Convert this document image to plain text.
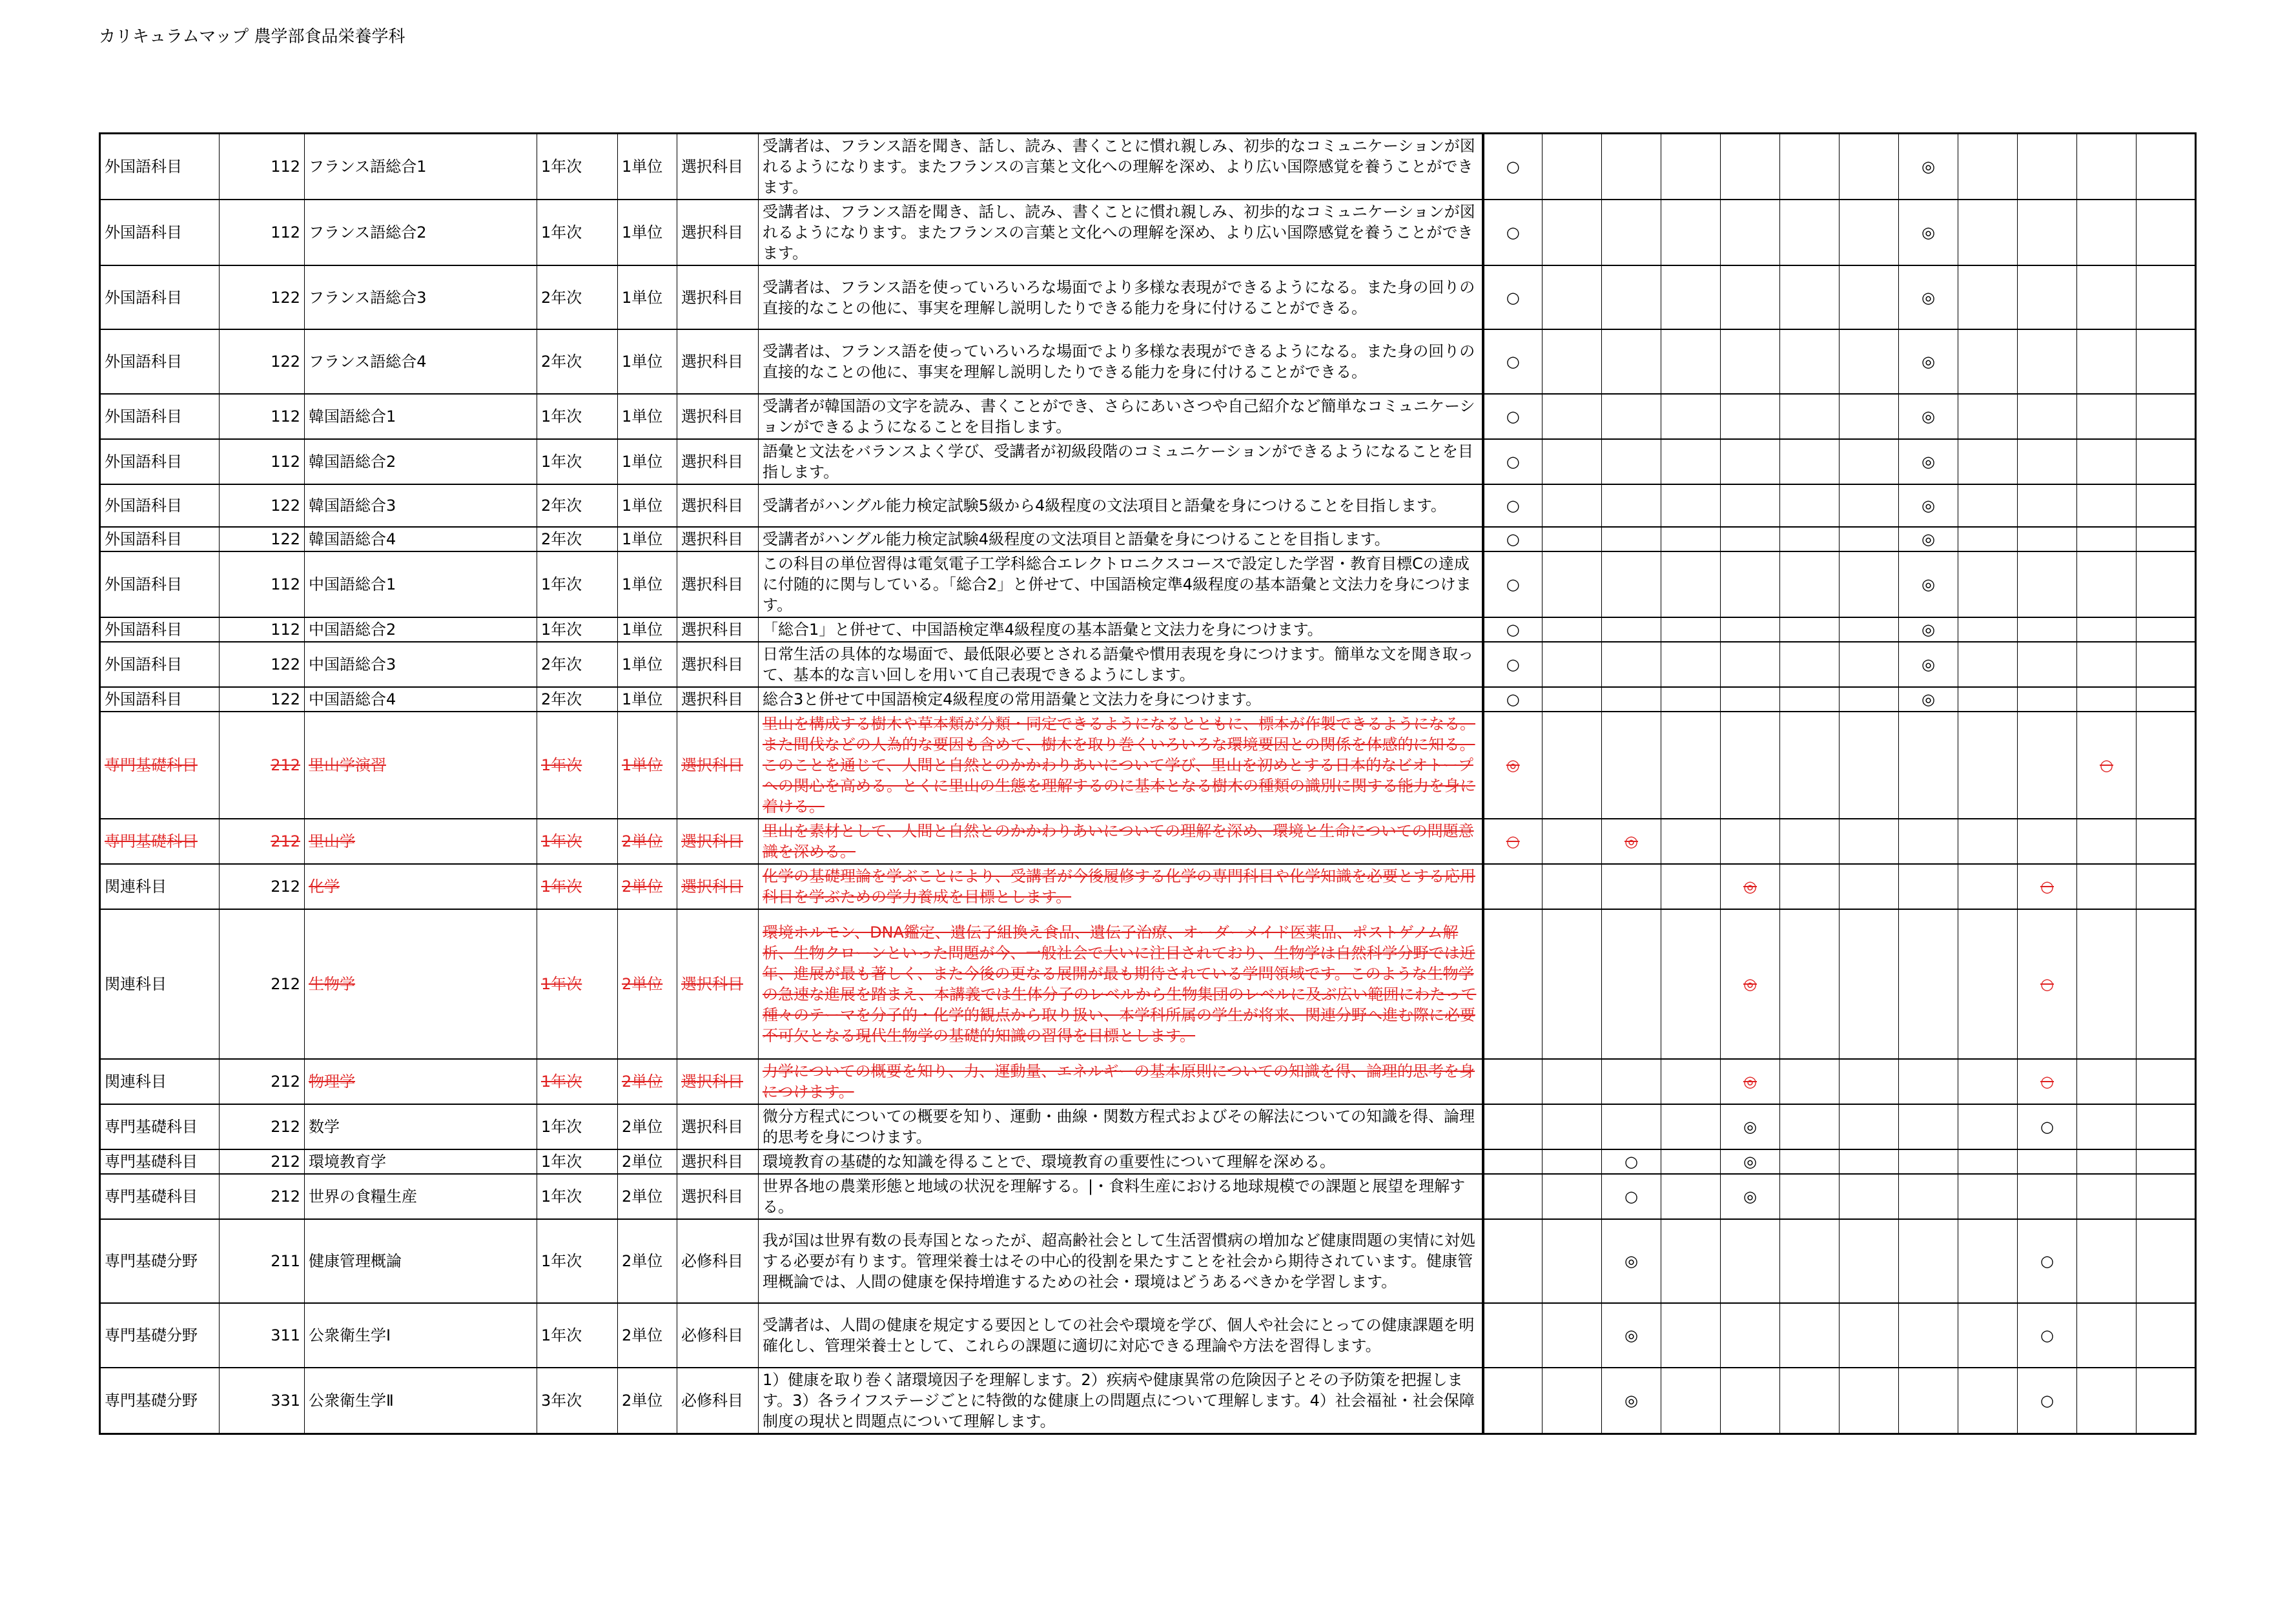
カリキュラムマップ 農学部食品栄養学科
外国語科目	112	フランス語総合1	1年次	1単位	選択科目	受講者は、フランス語を聞き、話し、読み、書くことに慣れ親しみ、初歩的なコミュニケーションが図れるようになります。またフランスの言葉と文化への理解を深め、より広い国際感覚を養うことができます。	○							◎				
外国語科目	112	フランス語総合2	1年次	1単位	選択科目	受講者は、フランス語を聞き、話し、読み、書くことに慣れ親しみ、初歩的なコミュニケーションが図れるようになります。またフランスの言葉と文化への理解を深め、より広い国際感覚を養うことができます。	○							◎				
外国語科目	122	フランス語総合3	2年次	1単位	選択科目	受講者は、フランス語を使っていろいろな場面でより多様な表現ができるようになる。また身の回りの直接的なことの他に、事実を理解し説明したりできる能力を身に付けることができる。	○							◎				
外国語科目	122	フランス語総合4	2年次	1単位	選択科目	受講者は、フランス語を使っていろいろな場面でより多様な表現ができるようになる。また身の回りの直接的なことの他に、事実を理解し説明したりできる能力を身に付けることができる。	○							◎				
外国語科目	112	韓国語総合1	1年次	1単位	選択科目	受講者が韓国語の文字を読み、書くことができ、さらにあいさつや自己紹介など簡単なコミュニケーションができるようになることを目指します。	○							◎				
外国語科目	112	韓国語総合2	1年次	1単位	選択科目	語彙と文法をバランスよく学び、受講者が初級段階のコミュニケーションができるようになることを目指します。	○							◎				
外国語科目	122	韓国語総合3	2年次	1単位	選択科目	受講者がハングル能力検定試験5級から4級程度の文法項目と語彙を身につけることを目指します。	○							◎				
外国語科目	122	韓国語総合4	2年次	1単位	選択科目	受講者がハングル能力検定試験4級程度の文法項目と語彙を身につけることを目指します。	○							◎				
外国語科目	112	中国語総合1	1年次	1単位	選択科目	この科目の単位習得は電気電子工学科総合エレクトロニクスコースで設定した学習・教育目標Cの達成に付随的に関与している。「総合2」と併せて、中国語検定準4級程度の基本語彙と文法力を身につけます。	○							◎				
外国語科目	112	中国語総合2	1年次	1単位	選択科目	「総合1」と併せて、中国語検定準4級程度の基本語彙と文法力を身につけます。	○							◎				
外国語科目	122	中国語総合3	2年次	1単位	選択科目	日常生活の具体的な場面で、最低限必要とされる語彙や慣用表現を身につけます。簡単な文を聞き取って、基本的な言い回しを用いて自己表現できるようにします。	○							◎				
外国語科目	122	中国語総合4	2年次	1単位	選択科目	総合3と併せて中国語検定4級程度の常用語彙と文法力を身につけます。	○							◎				
専門基礎科目	212	里山学演習	1年次	1単位	選択科目	里山を構成する樹木や草本類が分類・同定できるようになるとともに、標本が作製できるようになる。また間伐などの人為的な要因も含めて、樹木を取り巻くいろいろな環境要因との関係を体感的に知る。このことを通じて、人間と自然とのかかわりあいについて学び、里山を初めとする日本的なビオトープへの関心を高める。とくに里山の生態を理解するのに基本となる樹木の種類の識別に関する能力を身に着ける。	◎										○	
専門基礎科目	212	里山学	1年次	2単位	選択科目	里山を素材として、人間と自然とのかかわりあいについての理解を深め、環境と生命についての問題意識を深める。	○		◎									
関連科目	212	化学	1年次	2単位	選択科目	化学の基礎理論を学ぶことにより、受講者が今後履修する化学の専門科目や化学知識を必要とする応用科目を学ぶための学力養成を目標とします。					◎					○		
関連科目	212	生物学	1年次	2単位	選択科目	環境ホルモン、DNA鑑定、遺伝子組換え食品、遺伝子治療、オーダーメイド医薬品、ポストゲノム解析、生物クローンといった問題が今、一般社会で大いに注目されており、生物学は自然科学分野では近年、進展が最も著しく、また今後の更なる展開が最も期待されている学問領域です。このような生物学の急速な進展を踏まえ、本講義では生体分子のレベルから生物集団のレベルに及ぶ広い範囲にわたって種々のテーマを分子的・化学的観点から取り扱い、本学科所属の学生が将来、関連分野へ進む際に必要不可欠となる現代生物学の基礎的知識の習得を目標とします。					◎					○		
関連科目	212	物理学	1年次	2単位	選択科目	力学についての概要を知り、力、運動量、エネルギーの基本原則についての知識を得、論理的思考を身につけます。					◎					○		
専門基礎科目	212	数学	1年次	2単位	選択科目	微分方程式についての概要を知り、運動・曲線・関数方程式およびその解法についての知識を得、論理的思考を身につけます。					◎					○		
専門基礎科目	212	環境教育学	1年次	2単位	選択科目	環境教育の基礎的な知識を得ることで、環境教育の重要性について理解を深める。			○		◎							
専門基礎科目	212	世界の食糧生産	1年次	2単位	選択科目	世界各地の農業形態と地域の状況を理解する。|・食料生産における地球規模での課題と展望を理解する。			○		◎							
専門基礎分野	211	健康管理概論	1年次	2単位	必修科目	我が国は世界有数の長寿国となったが、超高齢社会として生活習慣病の増加など健康問題の実情に対処する必要が有ります。管理栄養士はその中心的役割を果たすことを社会から期待されています。健康管理概論では、人間の健康を保持増進するための社会・環境はどうあるべきかを学習します。			◎							○		
専門基礎分野	311	公衆衛生学Ⅰ	1年次	2単位	必修科目	受講者は、人間の健康を規定する要因としての社会や環境を学び、個人や社会にとっての健康課題を明確化し、管理栄養士として、これらの課題に適切に対応できる理論や方法を習得します。			◎							○		
専門基礎分野	331	公衆衛生学Ⅱ	3年次	2単位	必修科目	1）健康を取り巻く諸環境因子を理解します。2）疾病や健康異常の危険因子とその予防策を把握します。3）各ライフステージごとに特徴的な健康上の問題点について理解します。4）社会福祉・社会保障制度の現状と問題点について理解します。			◎							○		
